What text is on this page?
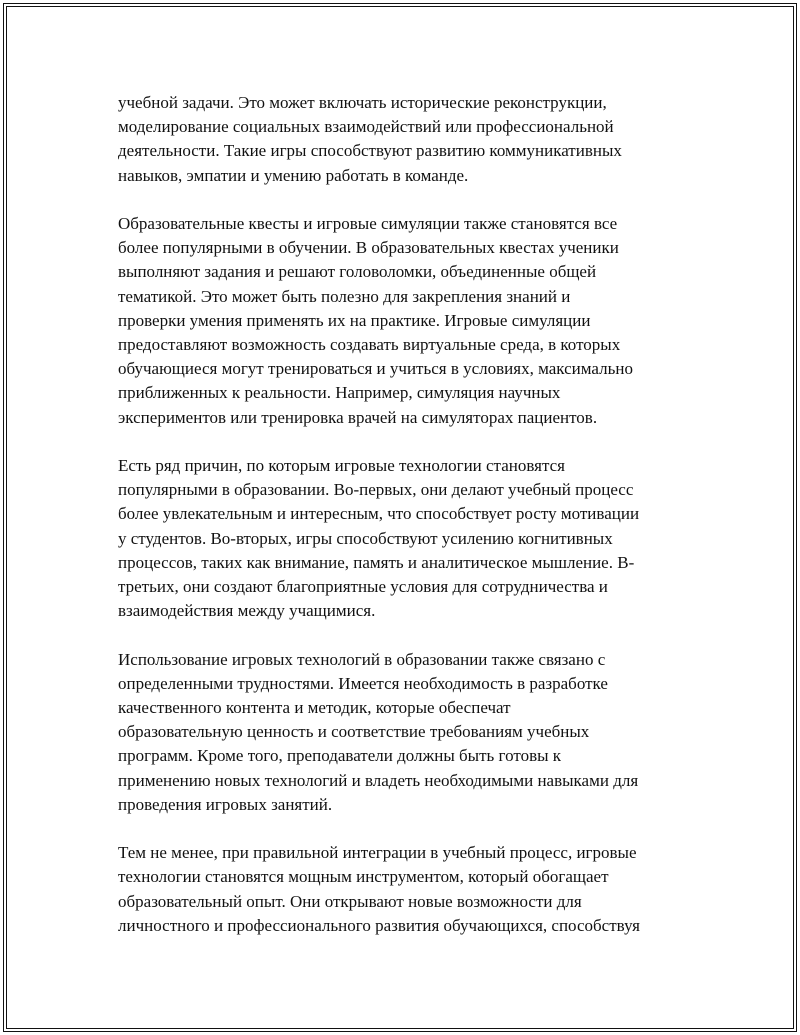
учебной задачи. Это может включать исторические реконструкции,
моделирование социальных взаимодействий или профессиональной
деятельности. Такие игры способствуют развитию коммуникативных
навыков, эмпатии и умению работать в команде.

Образовательные квесты и игровые симуляции также становятся все
более популярными в обучении. В образовательных квестах ученики
выполняют задания и решают головоломки, объединенные общей
тематикой. Это может быть полезно для закрепления знаний и
проверки умения применять их на практике. Игровые симуляции
предоставляют возможность создавать виртуальные среда, в которых
обучающиеся могут тренироваться и учиться в условиях, максимально
приближенных к реальности. Например, симуляция научных
экспериментов или тренировка врачей на симуляторах пациентов.

Есть ряд причин, по которым игровые технологии становятся
популярными в образовании. Во-первых, они делают учебный процесс
более увлекательным и интересным, что способствует росту мотивации
у студентов. Во-вторых, игры способствуют усилению когнитивных
процессов, таких как внимание, память и аналитическое мышление. В-
третьих, они создают благоприятные условия для сотрудничества и
взаимодействия между учащимися.

Использование игровых технологий в образовании также связано с
определенными трудностями. Имеется необходимость в разработке
качественного контента и методик, которые обеспечат
образовательную ценность и соответствие требованиям учебных
программ. Кроме того, преподаватели должны быть готовы к
применению новых технологий и владеть необходимыми навыками для
проведения игровых занятий.

Тем не менее, при правильной интеграции в учебный процесс, игровые
технологии становятся мощным инструментом, который обогащает
образовательный опыт. Они открывают новые возможности для
личностного и профессионального развития обучающихся, способствуя
